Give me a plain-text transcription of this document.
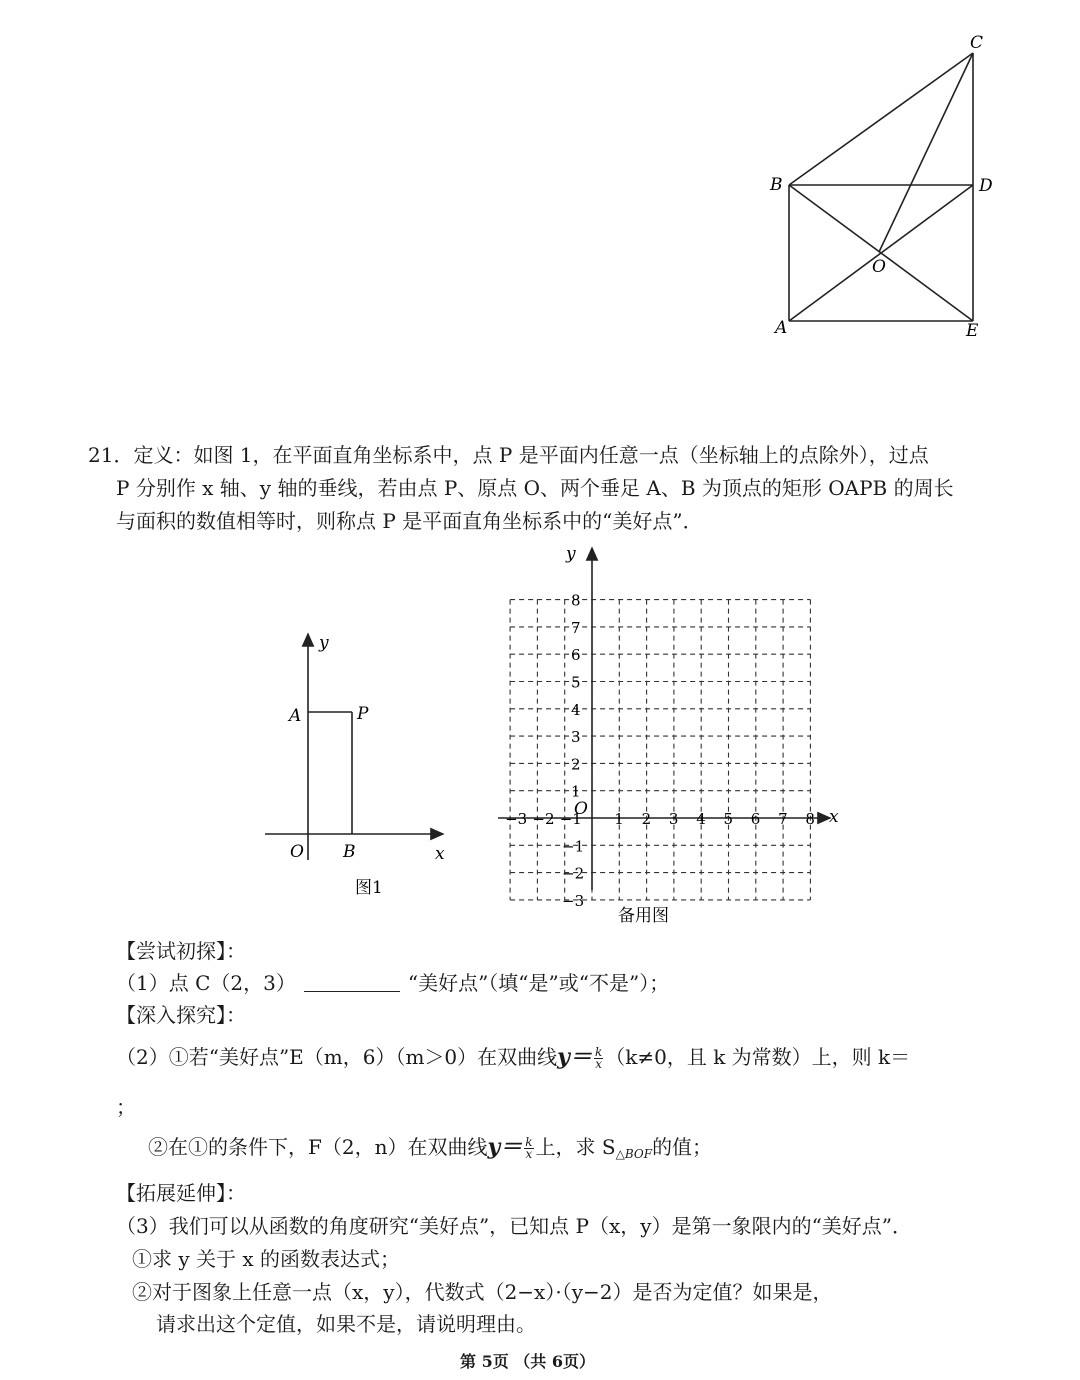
C
B	D
O
A	E
21．定义：如图 1，在平面直角坐标系中，点 P 是平面内任意一点（坐标轴上的点除外），过点
P 分别作 x 轴、y 轴的垂线，若由点 P、原点 O、两个垂足 A、B 为顶点的矩形 OAPB 的周长
与面积的数值相等时，则称点 P 是平面直角坐标系中的“美好点”．
y
x
A	P
O B
图1
−3 −2 −1 1 2 3 4 5 6 7 8
8
7
6
5
4
3
2
1
−1
−2
−3
y
x
O
备用图
【尝试初探】：
（1）点 C（2，3）	“美好点”（填“是”或“不是”）；
【深入探究】：
（2）①若“美好点”E（m，6）（m＞0）在双曲线$y= \frac{k}{x} (k\ne 0$，且 k 为常数）上，则 k＝
；
②在①的条件下，F（2，n）在双曲线$y= \frac{k}{x}$ 上，求 $S_{\triangle BOF}$的值；
【拓展延伸】：
（3）我们可以从函数的角度研究“美好点”，已知点 P（x，y）是第一象限内的“美好点”．
①求 y 关于 x 的函数表达式；
②对于图象上任意一点（x，y），代数式（2−x）·（y−2）是否为定值？如果是，
请求出这个定值，如果不是，请说明理由。
第 5页 （共 6页）
